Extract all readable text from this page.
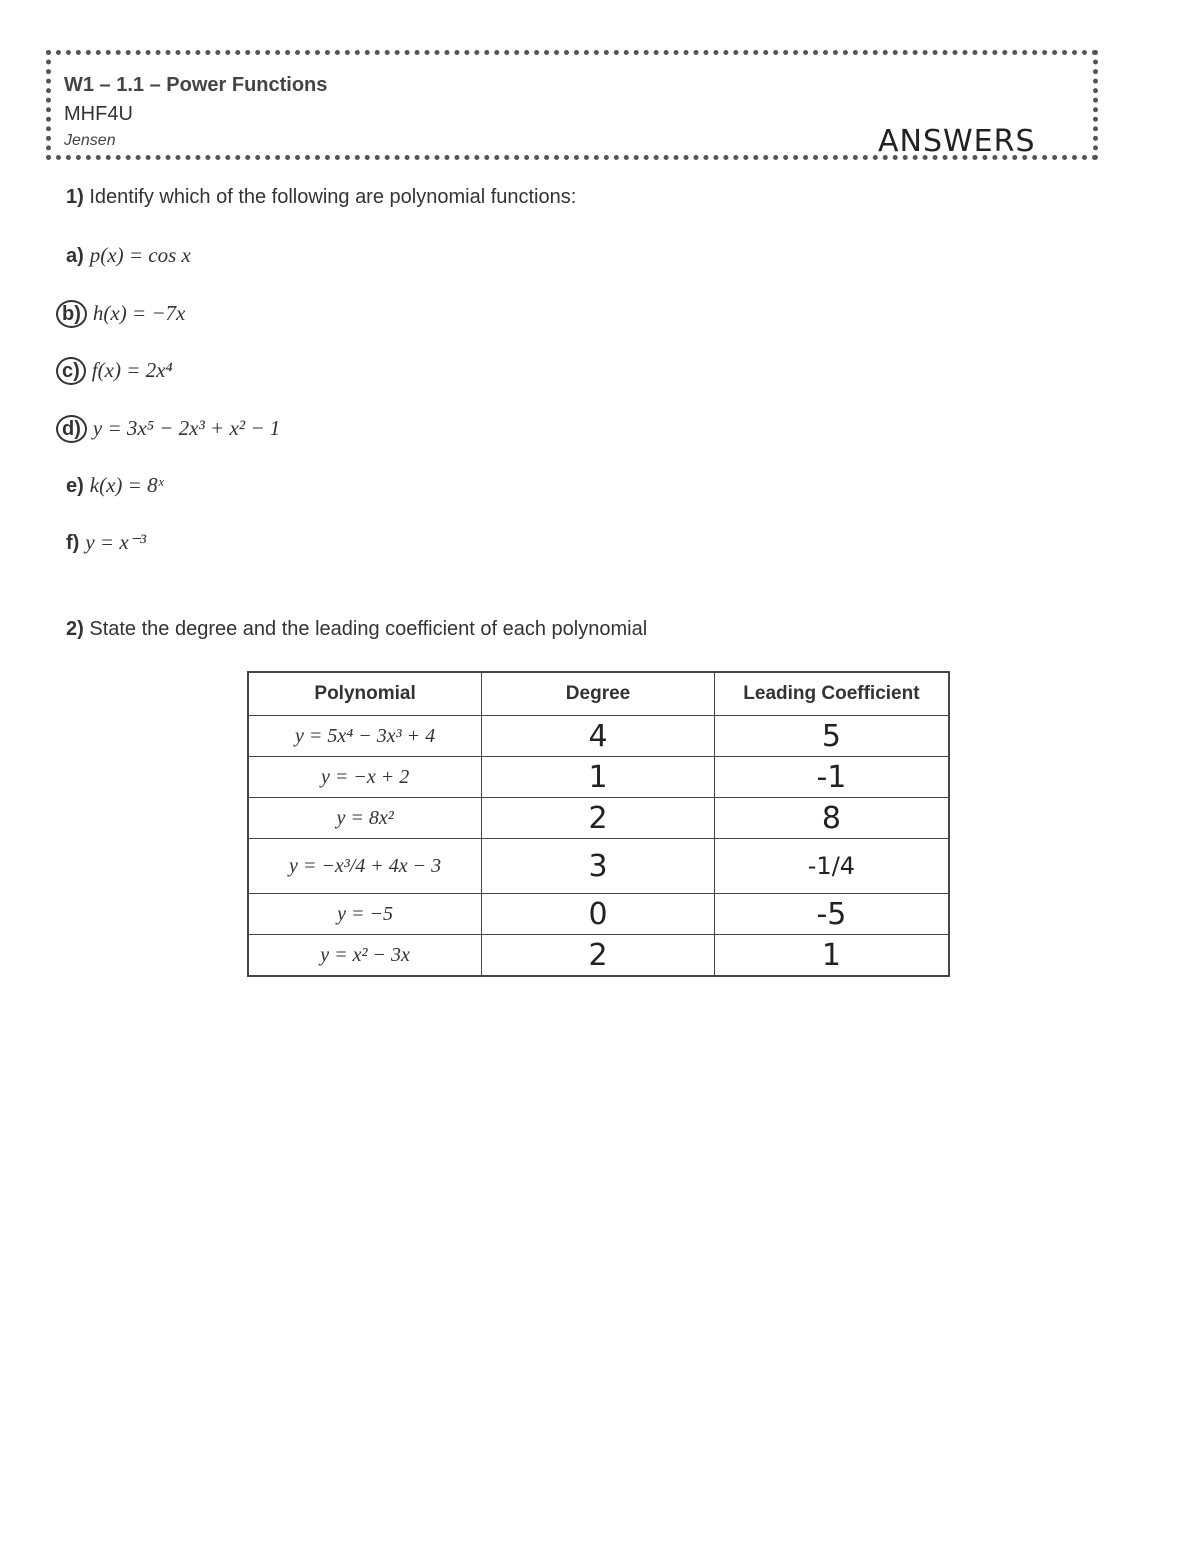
W1 – 1.1 – Power Functions
MHF4U
Jensen	ANSWERS
1) Identify which of the following are polynomial functions:
a) p(x) = cos x
b) h(x) = −7x
c) f(x) = 2x⁴
d) y = 3x⁵ − 2x³ + x² − 1
e) k(x) = 8ˣ
f) y = x⁻³
2) State the degree and the leading coefficient of each polynomial
Polynomial	Degree	Leading Coefficient
y = 5x⁴ − 3x³ + 4	4	5
y = −x + 2	1	-1
y = 8x²	2	8
y = −x³/4 + 4x − 3	3	-1/4
y = −5	0	-5
y = x² − 3x	2	1
